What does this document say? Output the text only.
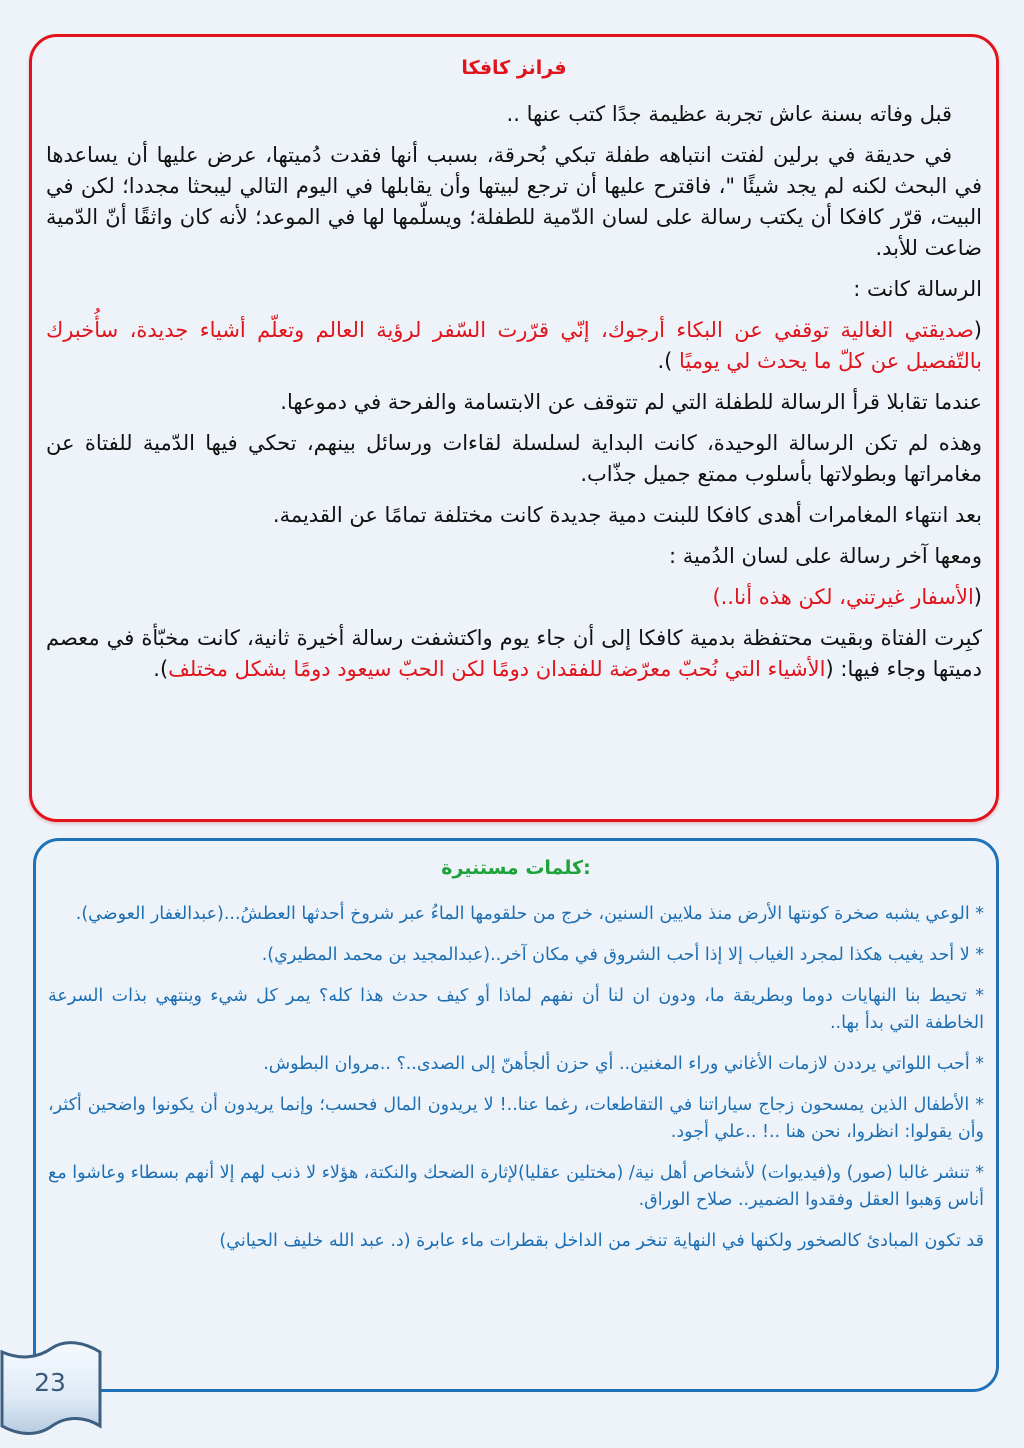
فرانز كافكا

قبل وفاته بسنة عاش تجربة عظيمة جدًا كتب عنها ..

في حديقة في برلين لفتت انتباهه طفلة تبكي بُحرقة، بسبب أنها فقدت دُميتها، عرض عليها أن يساعدها في البحث لكنه لم يجد شيئًا "، فاقترح عليها أن ترجع لبيتها وأن يقابلها في اليوم التالي ليبحثا مجددا؛ لكن في البيت، قرّر كافكا أن يكتب رسالة على لسان الدّمية للطفلة؛ ويسلّمها لها في الموعد؛ لأنه كان واثقًا أنّ الدّمية ضاعت للأبد.

الرسالة كانت :

(صديقتي الغالية توقفي عن البكاء أرجوك، إنّي قرّرت السّفر لرؤية العالم وتعلّم أشياء جديدة، سأُخبرك بالتّفصيل عن كلّ ما يحدث لي يوميًا ).

عندما تقابلا قرأ الرسالة للطفلة التي لم تتوقف عن الابتسامة والفرحة في دموعها.

وهذه لم تكن الرسالة الوحيدة، كانت البداية لسلسلة لقاءات ورسائل بينهم، تحكي فيها الدّمية للفتاة عن مغامراتها وبطولاتها بأسلوب ممتع جميل جذّاب.

بعد انتهاء المغامرات أهدى كافكا للبنت دمية جديدة كانت مختلفة تمامًا عن القديمة.

ومعها آخر رسالة على لسان الدُمية :

(الأسفار غيرتني، لكن هذه أنا..)

كبِرت الفتاة وبقيت محتفظة بدمية كافكا إلى أن جاء يوم واكتشفت رسالة أخيرة ثانية، كانت مخبّأة في معصم دميتها وجاء فيها: (الأشياء التي نُحبّ معرّضة للفقدان دومًا لكن الحبّ سيعود دومًا بشكل مختلف).

كلمات مستنيرة:

* الوعي يشبه صخرة كونتها الأرض منذ ملايين السنين، خرج من حلقومها الماءُ عبر شروخ أحدثها العطشُ...(عبدالغفار العوضي).

* لا أحد يغيب هكذا لمجرد الغياب إلا إذا أحب الشروق في مكان آخر..(عبدالمجيد بن محمد المطيري).

* تحيط بنا النهايات دوما وبطريقة ما، ودون ان لنا أن نفهم لماذا أو كيف حدث هذا كله؟ يمر كل شيء وينتهي بذات السرعة الخاطفة التي بدأ بها..

* أحب اللواتي يرددن لازمات الأغاني وراء المغنين.. أي حزن ألجأهنّ إلى الصدى..؟ ..مروان البطوش.

* الأطفال الذين يمسحون زجاج سياراتنا في التقاطعات، رغما عنا..! لا يريدون المال فحسب؛ وإنما يريدون أن يكونوا واضحين أكثر، وأن يقولوا: انظروا، نحن هنا ..! ..علي أجود.

* تنشر غالبا (صور) و(فيديوات) لأشخاص أهل نية/ (مختلين عقليا)لإثارة الضحك والنكتة، هؤلاء لا ذنب لهم إلا أنهم بسطاء وعاشوا مع أناس وَهبوا العقل وفقدوا الضمير.. صلاح الوراق.

قد تكون المبادئ كالصخور ولكنها في النهاية تنخر من الداخل بقطرات ماء عابرة (د. عبد الله خليف الحياني)

23
